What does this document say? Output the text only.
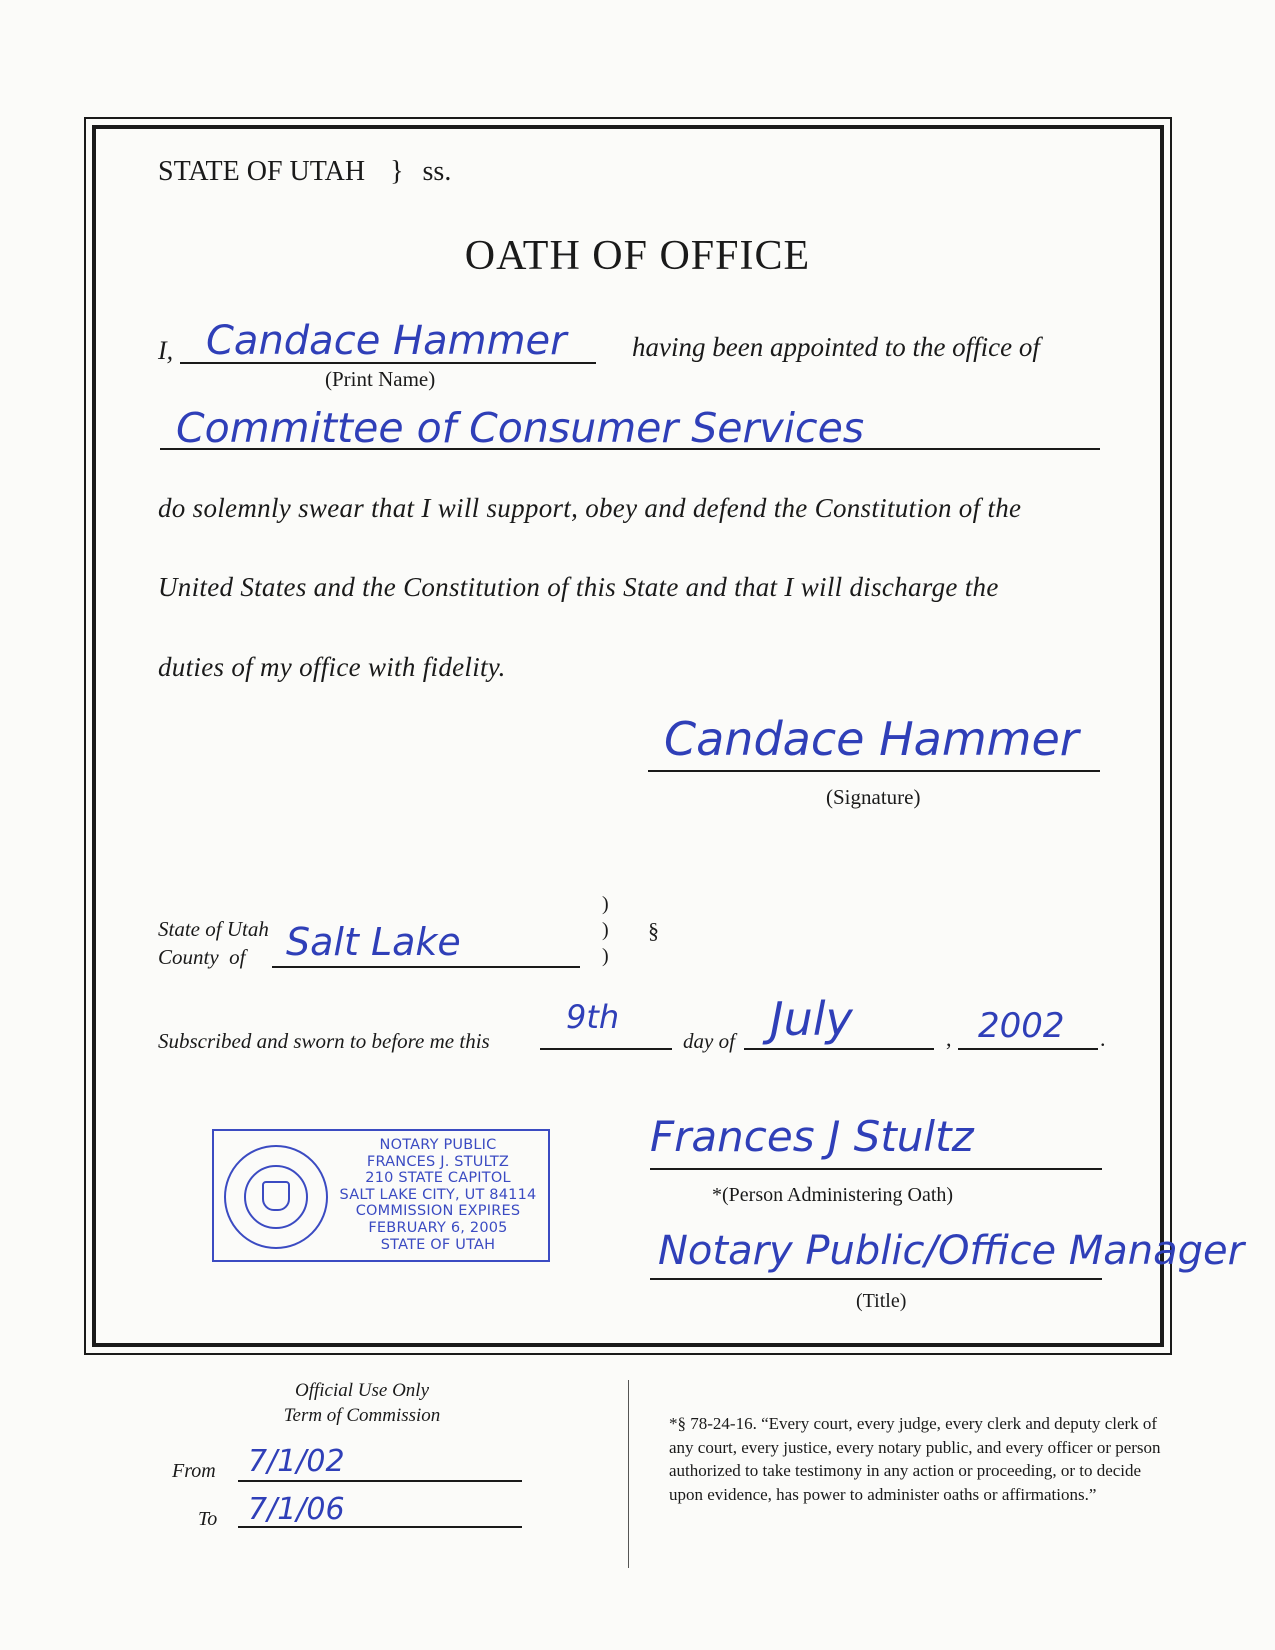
STATE OF UTAH } ss.
OATH OF OFFICE
I, Candace Hammer
(Print Name)
having been appointed to the office of
Committee of Consumer Services
do solemnly swear that I will support, obey and defend the Constitution of the
United States and the Constitution of this State and that I will discharge the
duties of my office with fidelity.
Candace Hammer
(Signature)
State of Utah
County  of Salt Lake
)
)
)
§
Subscribed and sworn to before me this
9th
day of July	, 2002 .
NOTARY PUBLIC
FRANCES J. STULTZ
210 STATE CAPITOL
SALT LAKE CITY, UT 84114
COMMISSION EXPIRES
FEBRUARY 6, 2005
STATE OF UTAH
Frances J Stultz
*(Person Administering Oath)
Notary Public/Office Manager
(Title)
Official Use Only
Term of Commission
From 7/1/02
To 7/1/06
*§ 78-24-16. “Every court, every judge, every clerk and deputy clerk of any court, every justice, every notary public, and every officer or person authorized to take testimony in any action or proceeding, or to decide upon evidence, has power to administer oaths or affirmations.”
